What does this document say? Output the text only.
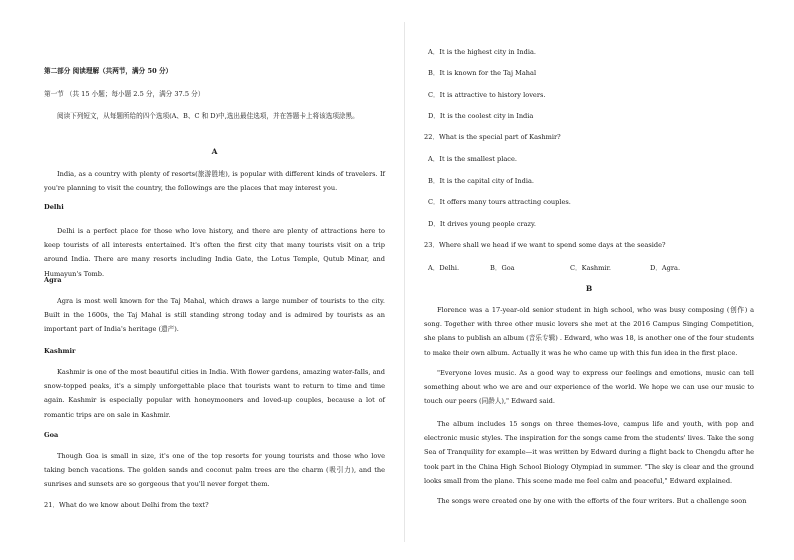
第二部分 阅读理解（共两节，满分 50 分）
第一节 （共 15 小题；每小题 2.5 分，满分 37.5 分）
阅读下列短文，从每题所给的四个选项(A、B、C 和 D)中,选出最佳选项，并在答题卡上将该选项涂黑。
A
India, as a country with plenty of resorts(旅游胜地), is popular with different kinds of travelers. If you're planning to visit the country, the followings are the places that may interest you.
Delhi
Delhi is a perfect place for those who love history, and there are plenty of attractions here to keep tourists of all interests entertained. It's often the first city that many tourists visit on a trip around India. There are many resorts including India Gate, the Lotus Temple, Qutub Minar, and Humayun's Tomb.
Agra
Agra is most well known for the Taj Mahal, which draws a large number of tourists to the city. Built in the 1600s, the Taj Mahal is still standing strong today and is admired by tourists as an important part of India's heritage (遗产).
Kashmir
Kashmir is one of the most beautiful cities in India. With flower gardens, amazing water-falls, and snow-topped peaks, it's a simply unforgettable place that tourists want to return to time and time again. Kashmir is especially popular with honeymooners and loved-up couples, because a lot of romantic trips are on sale in Kashmir.
Goa
Though Goa is small in size, it's one of the top resorts for young tourists and those who love taking bench vacations. The golden sands and coconut palm trees are the charm (吸引力), and the sunrises and sunsets are so gorgeous that you'll never forget them.
21．What do we know about Delhi from the text?
A．It is the highest city in India.
B．It is known for the Taj Mahal
C．It is attractive to history lovers.
D．It is the coolest city in India
22．What is the special part of Kashmir?
A．It is the smallest place.
B．It is the capital city of India.
C．It offers many tours attracting couples.
D．It drives young people crazy.
23．Where shall we head if we want to spend some days at the seaside?
A．Delhi.	B．Goa	C．Kashmir.	D．Agra.
B
Florence was a 17-year-old senior student in high school, who was busy composing (创作) a song. Together with three other music lovers she met at the 2016 Campus Singing Competition, she plans to publish an album (音乐专辑) . Edward, who was 18, is another one of the four students to make their own album. Actually it was he who came up with this fun idea in the first place.
"Everyone loves music. As a good way to express our feelings and emotions, music can tell something about who we are and our experience of the world. We hope we can use our music to touch our peers (同龄人)," Edward said.
The album includes 15 songs on three themes-love, campus life and youth, with pop and electronic music styles. The inspiration for the songs came from the students' lives. Take the song Sea of Tranquility for example—it was written by Edward during a flight back to Chengdu after he took part in the China High School Biology Olympiad in summer. "The sky is clear and the ground looks small from the plane. This scene made me feel calm and peaceful," Edward explained.
The songs were created one by one with the efforts of the four writers. But a challenge soon
